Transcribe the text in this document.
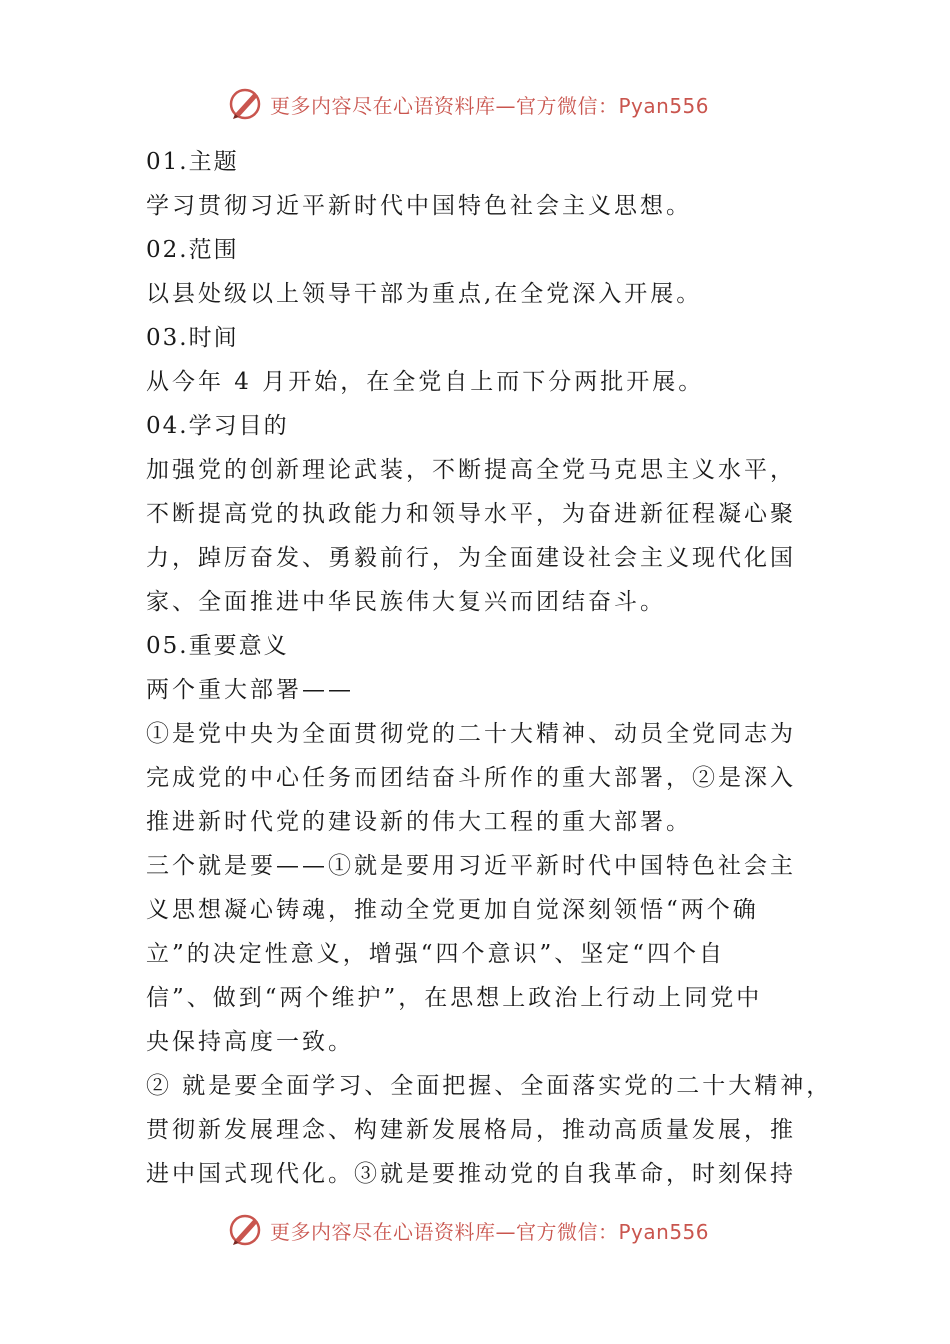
更多内容尽在心语资料库—官方微信：Pyan556
01.主题
学习贯彻习近平新时代中国特色社会主义思想。
02.范围
以县处级以上领导干部为重点,在全党深入开展。
03.时间
从今年 4 月开始，在全党自上而下分两批开展。
04.学习目的
加强党的创新理论武装，不断提高全党马克思主义水平，
不断提高党的执政能力和领导水平，为奋进新征程凝心聚
力，踔厉奋发、勇毅前行，为全面建设社会主义现代化国
家、全面推进中华民族伟大复兴而团结奋斗。
05.重要意义
两个重大部署——
①是党中央为全面贯彻党的二十大精神、动员全党同志为
完成党的中心任务而团结奋斗所作的重大部署，②是深入
推进新时代党的建设新的伟大工程的重大部署。
三个就是要——①就是要用习近平新时代中国特色社会主
义思想凝心铸魂，推动全党更加自觉深刻领悟“两个确
立”的决定性意义，增强“四个意识”、坚定“四个自
信”、做到“两个维护”，在思想上政治上行动上同党中
央保持高度一致。
② 就是要全面学习、全面把握、全面落实党的二十大精神，
贯彻新发展理念、构建新发展格局，推动高质量发展，推
进中国式现代化。③就是要推动党的自我革命，时刻保持
更多内容尽在心语资料库—官方微信：Pyan556
